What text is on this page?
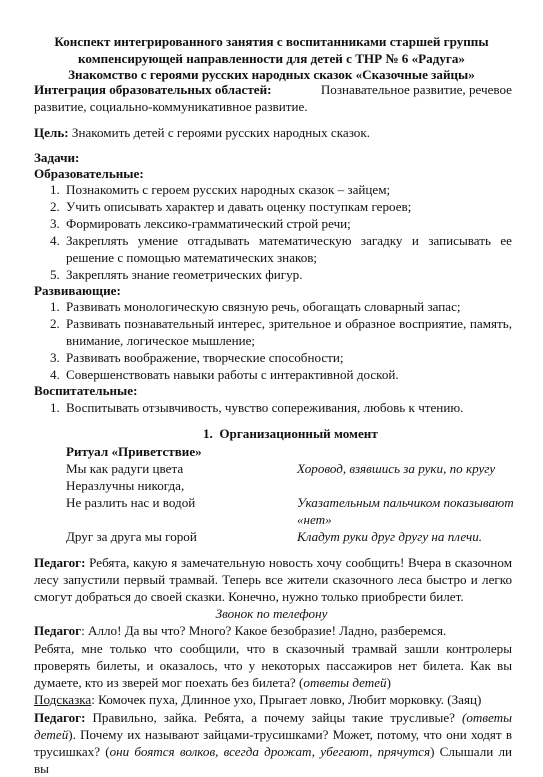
Конспект интегрированного занятия с воспитанниками старшей группы
компенсирующей направленности для детей с ТНР № 6 «Радуга»
Знакомство с героями русских народных сказок «Сказочные зайцы»
Интеграция образовательных областей:	Познавательное развитие, речевое
развитие, социально-коммуникативное развитие.
Цель: Знакомить детей с героями русских народных сказок.
Задачи:
Образовательные:
1. Познакомить с героем русских народных сказок – зайцем;
2. Учить описывать характер и давать оценку поступкам героев;
3. Формировать лексико-грамматический строй речи;
4. Закреплять умение отгадывать математическую загадку и записывать ее
решение с помощью математических знаков;
5. Закреплять знание геометрических фигур.
Развивающие:
1. Развивать монологическую связную речь, обогащать словарный запас;
2. Развивать познавательный интерес, зрительное и образное восприятие, память,
внимание, логическое мышление;
3. Развивать воображение, творческие способности;
4. Совершенствовать навыки работы с интерактивной доской.
Воспитательные:
1. Воспитывать отзывчивость, чувство сопереживания, любовь к чтению.
1. Организационный момент
Ритуал «Приветствие»
Мы как радуги цвета	Хоровод, взявшись за руки, по кругу
Неразлучны никогда,
Не разлить нас и водой	Указательным пальчиком показывают
«нет»
Друг за друга мы горой	Кладут руки друг другу на плечи.
Педагог: Ребята, какую я замечательную новость хочу сообщить! Вчера в сказочном
лесу запустили первый трамвай. Теперь все жители сказочного леса быстро и легко
смогут добраться до своей сказки. Конечно, нужно только приобрести билет.
Звонок по телефону
Педагог: Алло! Да вы что? Много? Какое безобразие! Ладно, разберемся.
Ребята, мне только что сообщили, что в сказочный трамвай зашли контролеры
проверять билеты, и оказалось, что у некоторых пассажиров нет билета. Как вы
думаете, кто из зверей мог поехать без билета? (ответы детей)
Подсказка: Комочек пуха, Длинное ухо, Прыгает ловко, Любит морковку. (Заяц)
Педагог: Правильно, зайка. Ребята, а почему зайцы такие трусливые? (ответы
детей). Почему их называют зайцами-трусишками? Может, потому, что они ходят в
трусишках? (они боятся волков, всегда дрожат, убегают, прячутся) Слышали ли вы
